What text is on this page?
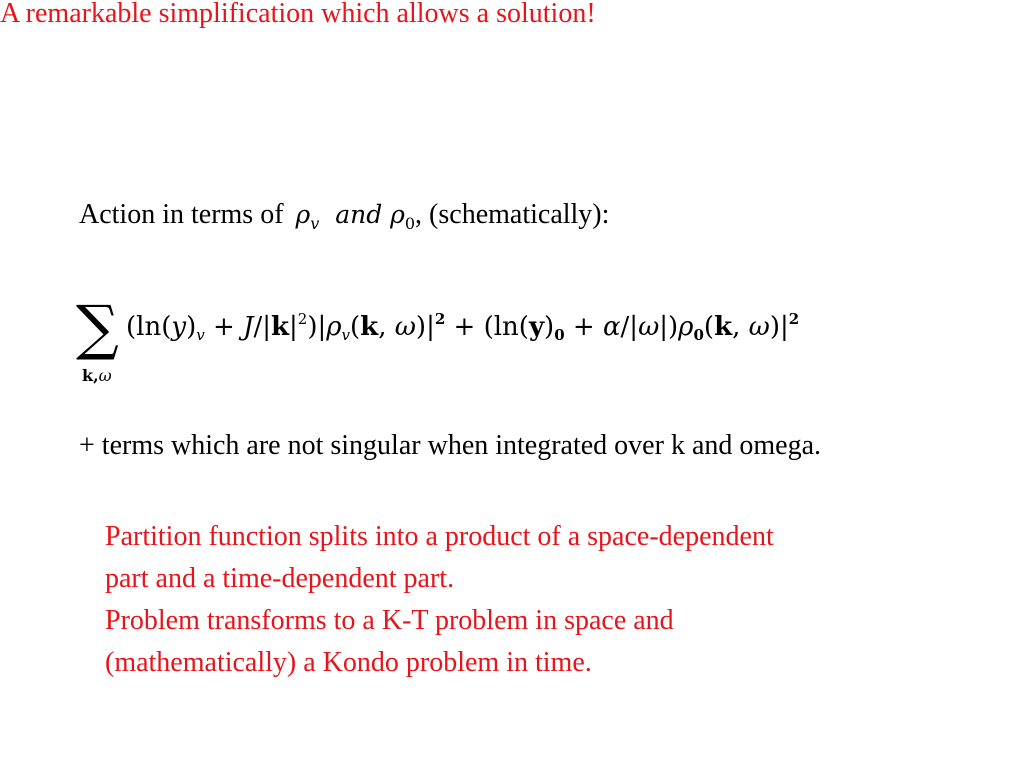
A remarkable simplification which allows a solution!
Action in terms of $\rho_v$ and $\rho_0$, (schematically):
∑
k,ω
$(\ln(y)_v + J/|k|^2)|\rho_v(k$, $\omega)|^2 + (\ln(y)_0 + \alpha/|\omega|)\rho_0(k$, $\omega)|^2$
+ terms which are not singular when integrated over k and omega.
Partition function splits into a product of a space-dependent
part and a time-dependent part.
Problem transforms to a K-T problem in space and
(mathematically) a Kondo problem in time.
